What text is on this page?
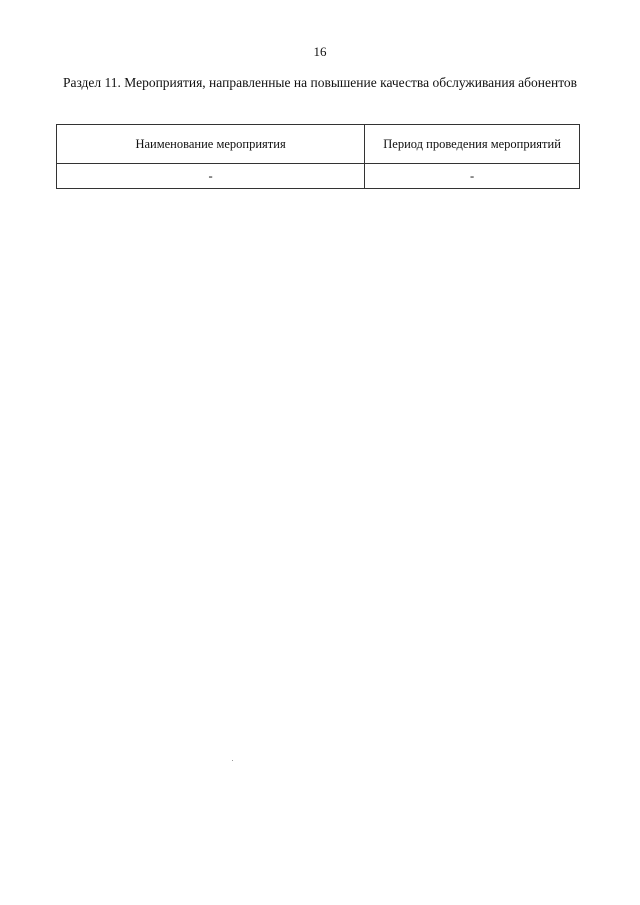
16
Раздел 11. Мероприятия, направленные на повышение качества обслуживания абонентов
Наименование мероприятия	Период проведения мероприятий
-	-
